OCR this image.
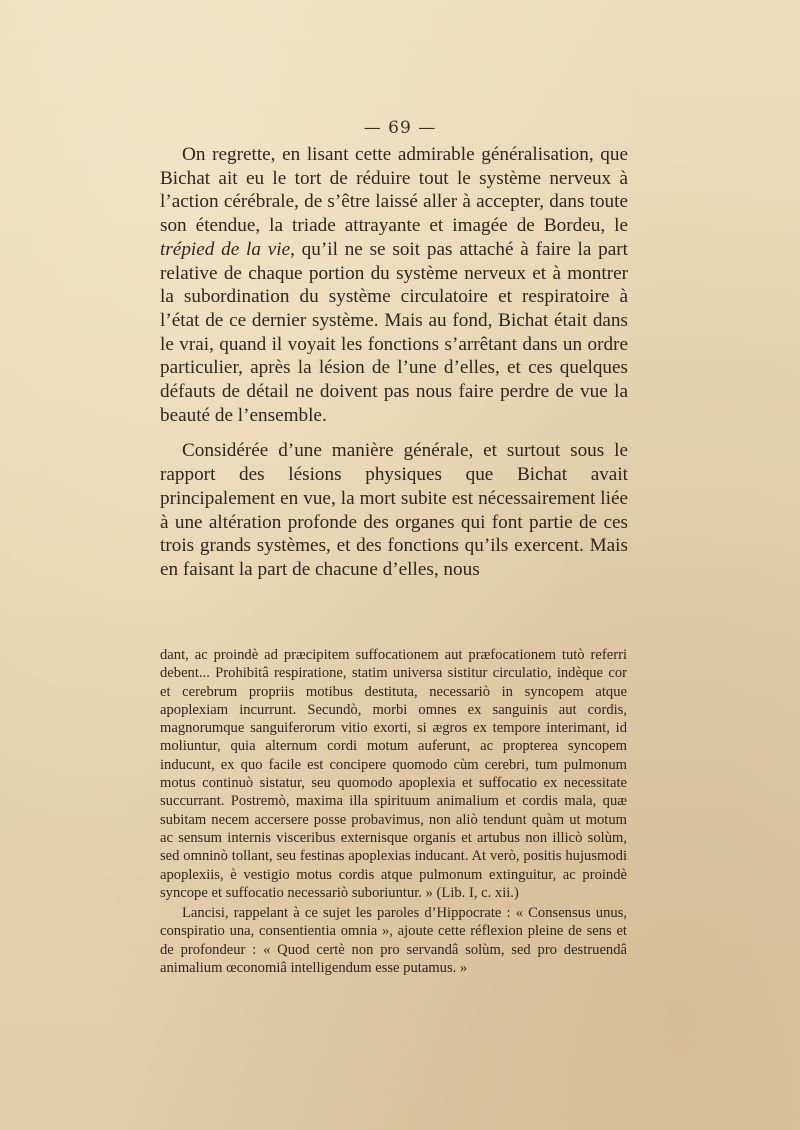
— 69 —

On regrette, en lisant cette admirable généralisation, que Bichat ait eu le tort de réduire tout le système nerveux à l’action cérébrale, de s’être laissé aller à accepter, dans toute son étendue, la triade attrayante et imagée de Bordeu, le trépied de la vie, qu’il ne se soit pas attaché à faire la part relative de chaque portion du système nerveux et à montrer la subordination du système circulatoire et respiratoire à l’état de ce dernier système. Mais au fond, Bichat était dans le vrai, quand il voyait les fonctions s’arrêtant dans un ordre particulier, après la lésion de l’une d’elles, et ces quelques défauts de détail ne doivent pas nous faire perdre de vue la beauté de l’ensemble.

Considérée d’une manière générale, et surtout sous le rapport des lésions physiques que Bichat avait principalement en vue, la mort subite est nécessairement liée à une altération profonde des organes qui font partie de ces trois grands systèmes, et des fonctions qu’ils exercent. Mais en faisant la part de chacune d’elles, nous

dant, ac proindè ad præcipitem suffocationem aut præfocationem tutò referri debent... Prohibitâ respiratione, statim universa sistitur circulatio, indèque cor et cerebrum propriis motibus destituta, necessariò in syncopem atque apoplexiam incurrunt. Secundò, morbi omnes ex sanguinis aut cordis, magnorumque sanguiferorum vitio exorti, si ægros ex tempore interimant, id moliuntur, quia alternum cordi motum auferunt, ac propterea syncopem inducunt, ex quo facile est concipere quomodo cùm cerebri, tum pulmonum motus continuò sistatur, seu quomodo apoplexia et suffocatio ex necessitate succurrant. Postremò, maxima illa spirituum animalium et cordis mala, quæ subitam necem accersere posse probavimus, non aliò tendunt quàm ut motum ac sensum internis visceribus externisque organis et artubus non illicò solùm, sed omninò tollant, seu festinas apoplexias inducant. At verò, positis hujusmodi apoplexiis, è vestigio motus cordis atque pulmonum extinguitur, ac proindè syncope et suffocatio necessariò suboriuntur. » (Lib. I, c. xii.)

Lancisi, rappelant à ce sujet les paroles d’Hippocrate : « Consensus unus, conspiratio una, consentientia omnia », ajoute cette réflexion pleine de sens et de profondeur : « Quod certè non pro servandâ solùm, sed pro destruendâ animalium œconomiâ intelligendum esse putamus. »
